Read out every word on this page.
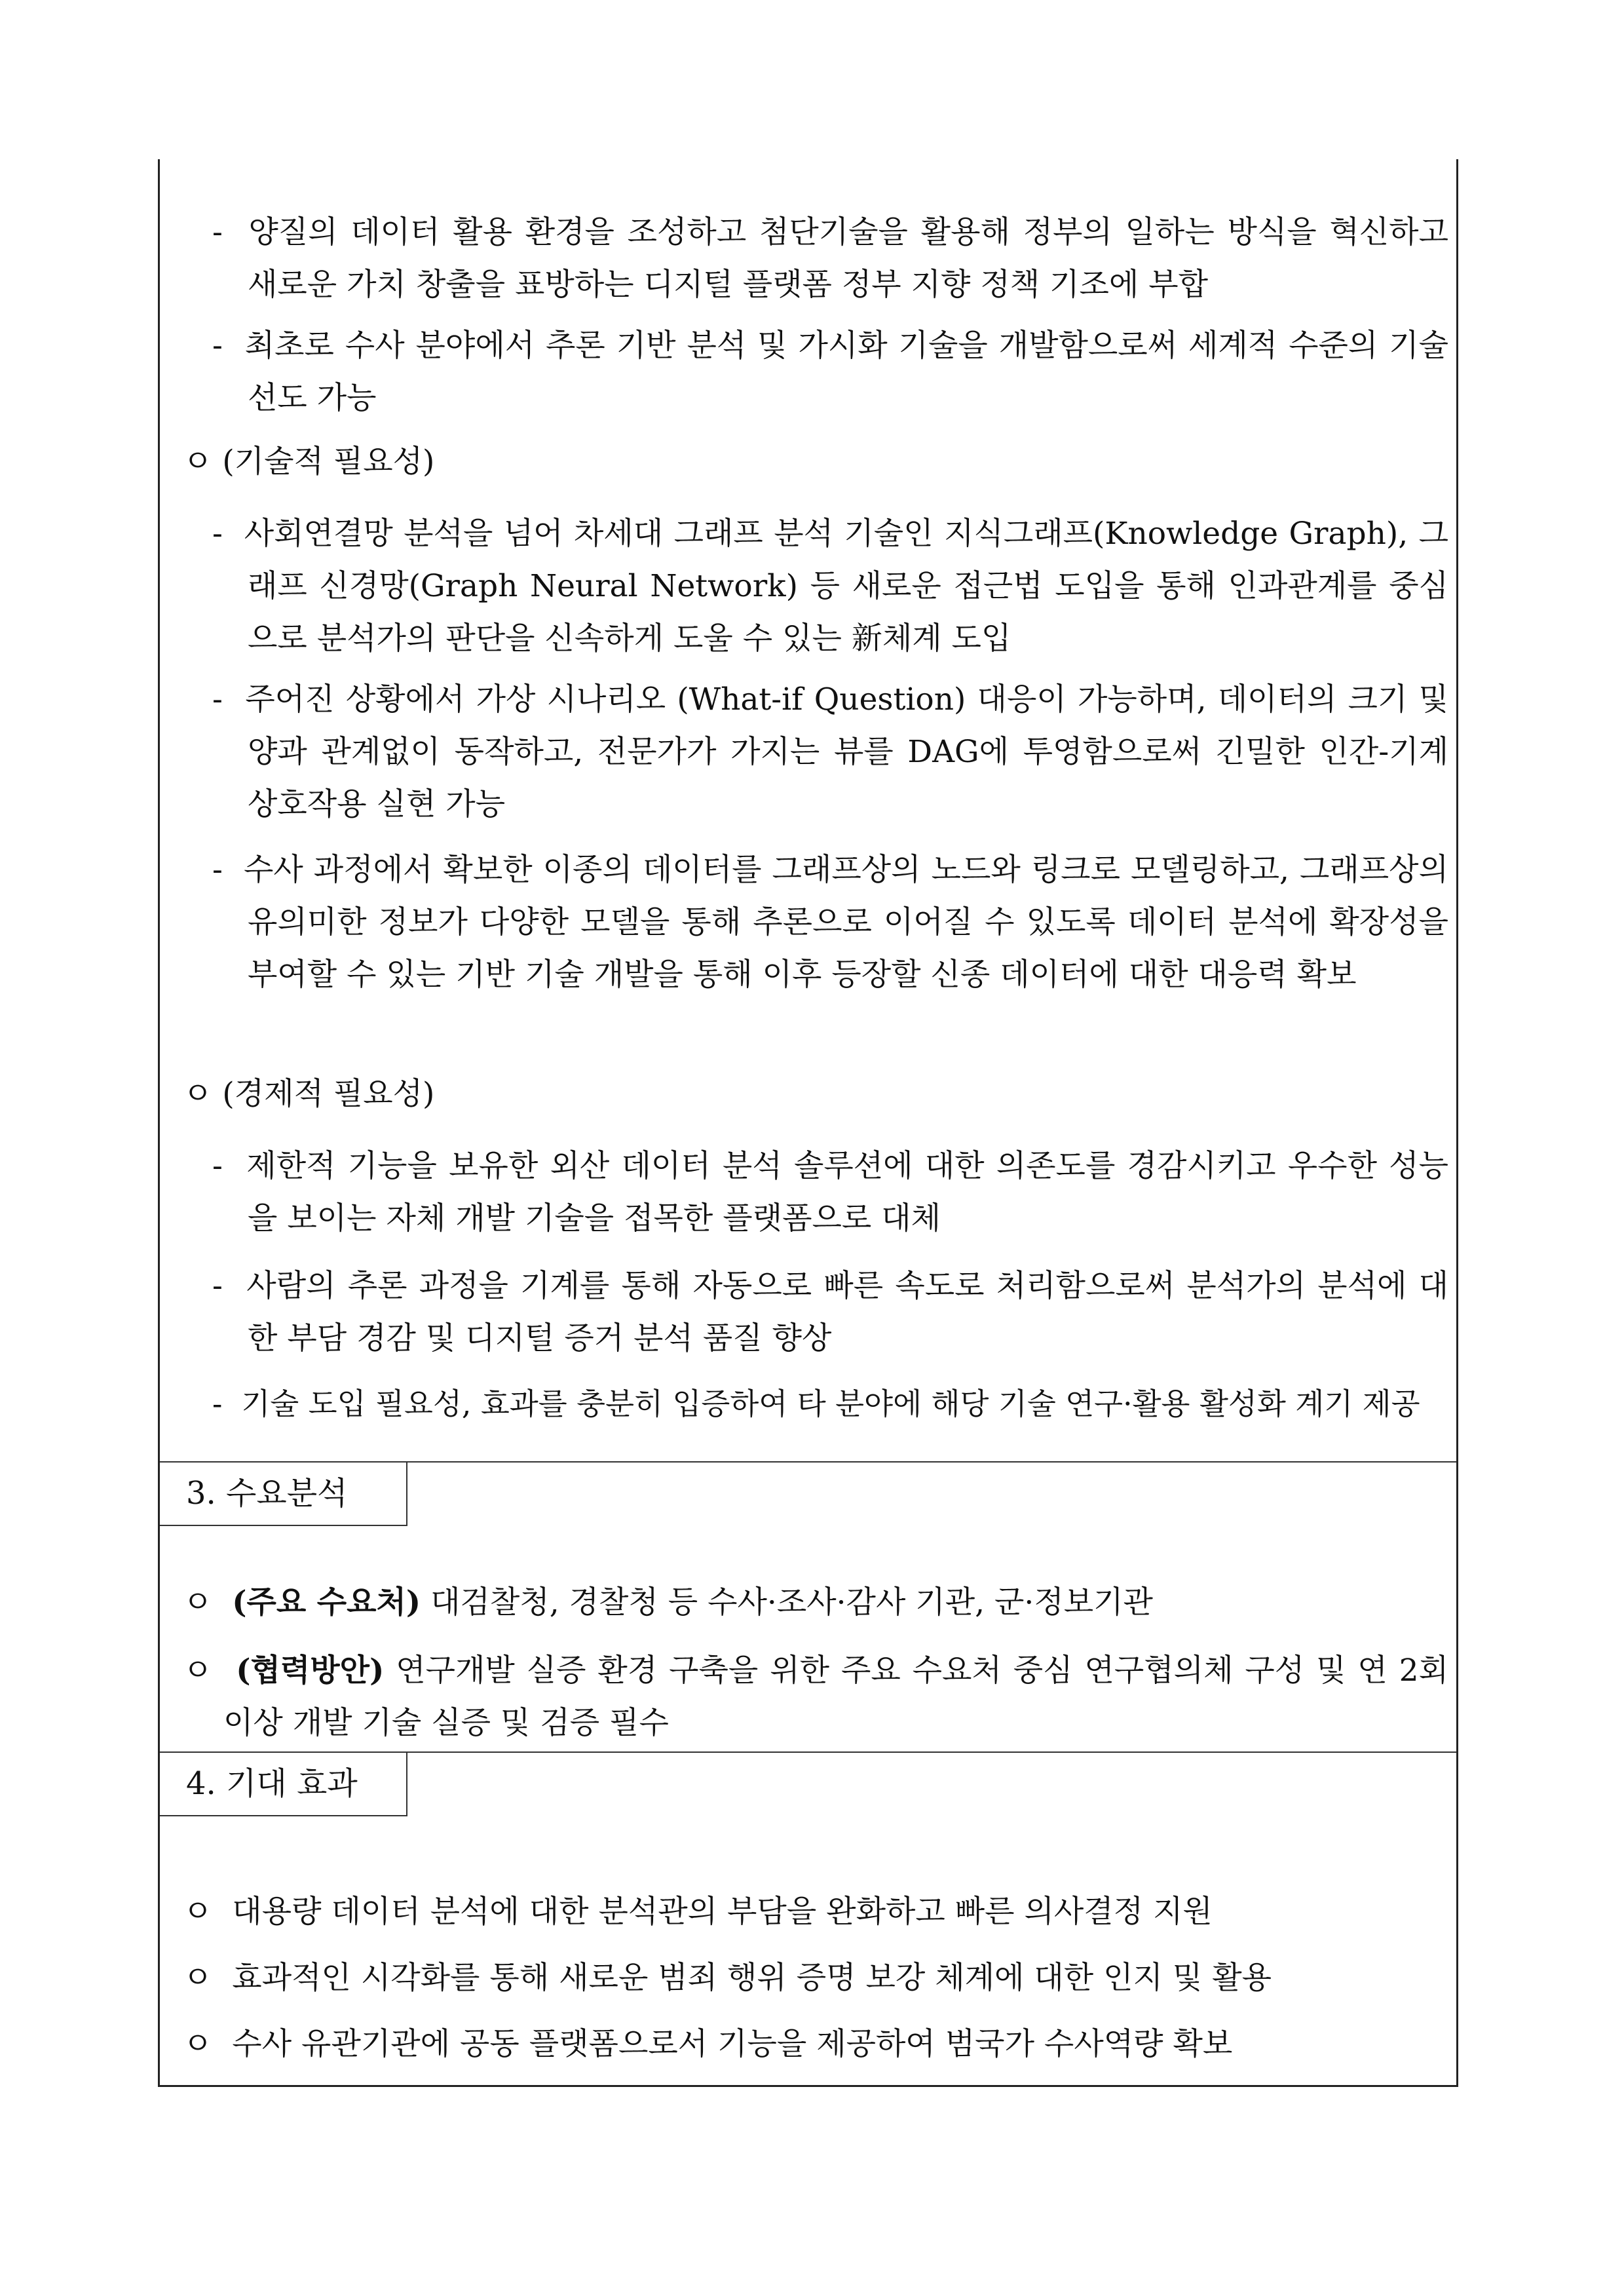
- 양질의 데이터 활용 환경을 조성하고 첨단기술을 활용해 정부의 일하는 방식을 혁신하고 새로운 가치 창출을 표방하는 디지털 플랫폼 정부 지향 정책 기조에 부합
- 최초로 수사 분야에서 추론 기반 분석 및 가시화 기술을 개발함으로써 세계적 수준의 기술 선도 가능
ㅇ (기술적 필요성)
- 사회연결망 분석을 넘어 차세대 그래프 분석 기술인 지식그래프(Knowledge Graph), 그래프 신경망(Graph Neural Network) 등 새로운 접근법 도입을 통해 인과관계를 중심으로 분석가의 판단을 신속하게 도울 수 있는 新체계 도입
- 주어진 상황에서 가상 시나리오 (What-if Question) 대응이 가능하며, 데이터의 크기 및 양과 관계없이 동작하고, 전문가가 가지는 뷰를 DAG에 투영함으로써 긴밀한 인간-기계 상호작용 실현 가능
- 수사 과정에서 확보한 이종의 데이터를 그래프상의 노드와 링크로 모델링하고, 그래프상의 유의미한 정보가 다양한 모델을 통해 추론으로 이어질 수 있도록 데이터 분석에 확장성을 부여할 수 있는 기반 기술 개발을 통해 이후 등장할 신종 데이터에 대한 대응력 확보
ㅇ (경제적 필요성)
- 제한적 기능을 보유한 외산 데이터 분석 솔루션에 대한 의존도를 경감시키고 우수한 성능을 보이는 자체 개발 기술을 접목한 플랫폼으로 대체
- 사람의 추론 과정을 기계를 통해 자동으로 빠른 속도로 처리함으로써 분석가의 분석에 대한 부담 경감 및 디지털 증거 분석 품질 향상
- 기술 도입 필요성, 효과를 충분히 입증하여 타 분야에 해당 기술 연구·활용 활성화 계기 제공
3. 수요분석
ㅇ (주요 수요처) 대검찰청, 경찰청 등 수사·조사·감사 기관, 군·정보기관
ㅇ (협력방안) 연구개발 실증 환경 구축을 위한 주요 수요처 중심 연구협의체 구성 및 연 2회 이상 개발 기술 실증 및 검증 필수
4. 기대 효과
ㅇ 대용량 데이터 분석에 대한 분석관의 부담을 완화하고 빠른 의사결정 지원
ㅇ 효과적인 시각화를 통해 새로운 범죄 행위 증명 보강 체계에 대한 인지 및 활용
ㅇ 수사 유관기관에 공동 플랫폼으로서 기능을 제공하여 범국가 수사역량 확보
